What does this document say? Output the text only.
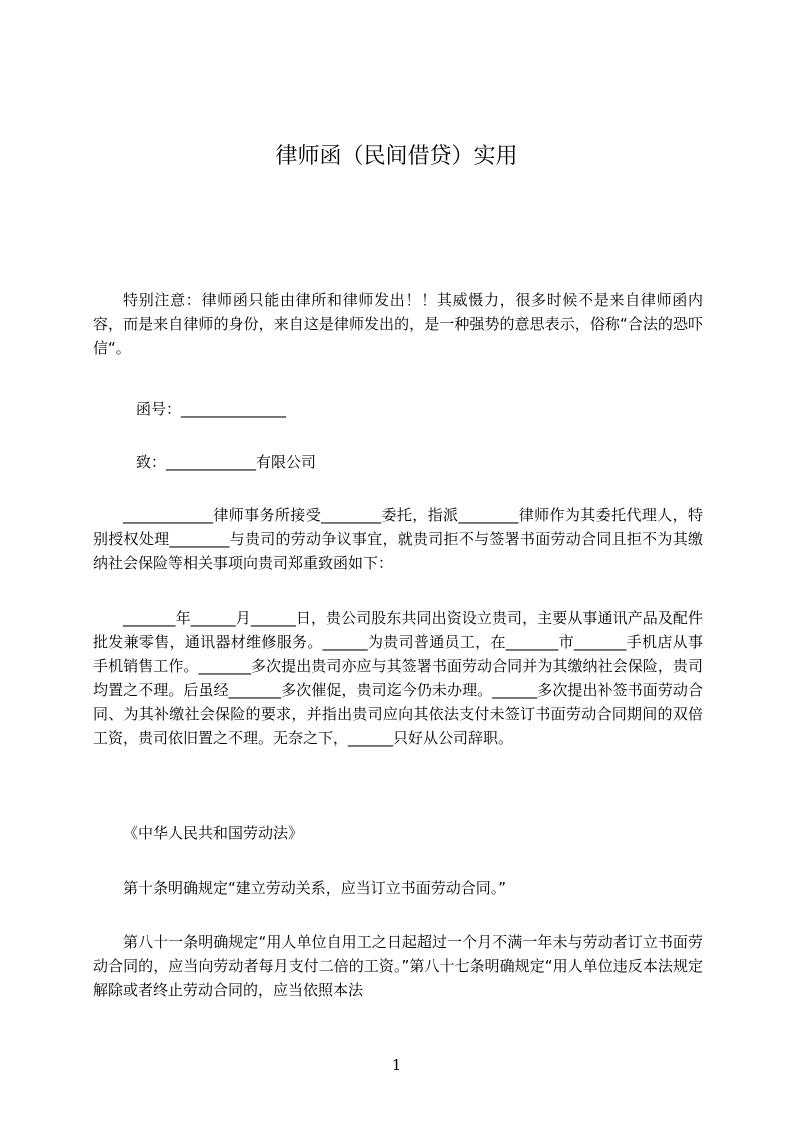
律师函（民间借贷）实用

特别注意：律师函只能由律所和律师发出！！其威慑力，很多时候不是来自律师函内容，而是来自律师的身份，来自这是律师发出的，是一种强势的意思表示，俗称“合法的恐吓信“。

函号：______________
致：____________有限公司

____________律师事务所接受________委托，指派________律师作为其委托代理人，特别授权处理________与贵司的劳动争议事宜，就贵司拒不与签署书面劳动合同且拒不为其缴纳社会保险等相关事项向贵司郑重致函如下：

_______年______月______日，贵公司股东共同出资设立贵司，主要从事通讯产品及配件批发兼零售，通讯器材维修服务。______为贵司普通员工，在_______市_______手机店从事手机销售工作。_______多次提出贵司亦应与其签署书面劳动合同并为其缴纳社会保险，贵司均置之不理。后虽经_______多次催促，贵司迄今仍未办理。______多次提出补签书面劳动合同、为其补缴社会保险的要求，并指出贵司应向其依法支付未签订书面劳动合同期间的双倍工资，贵司依旧置之不理。无奈之下，______只好从公司辞职。

《中华人民共和国劳动法》

第十条明确规定“建立劳动关系，应当订立书面劳动合同。”

第八十一条明确规定“用人单位自用工之日起超过一个月不满一年未与劳动者订立书面劳动合同的，应当向劳动者每月支付二倍的工资。”第八十七条明确规定“用人单位违反本法规定解除或者终止劳动合同的，应当依照本法

1
